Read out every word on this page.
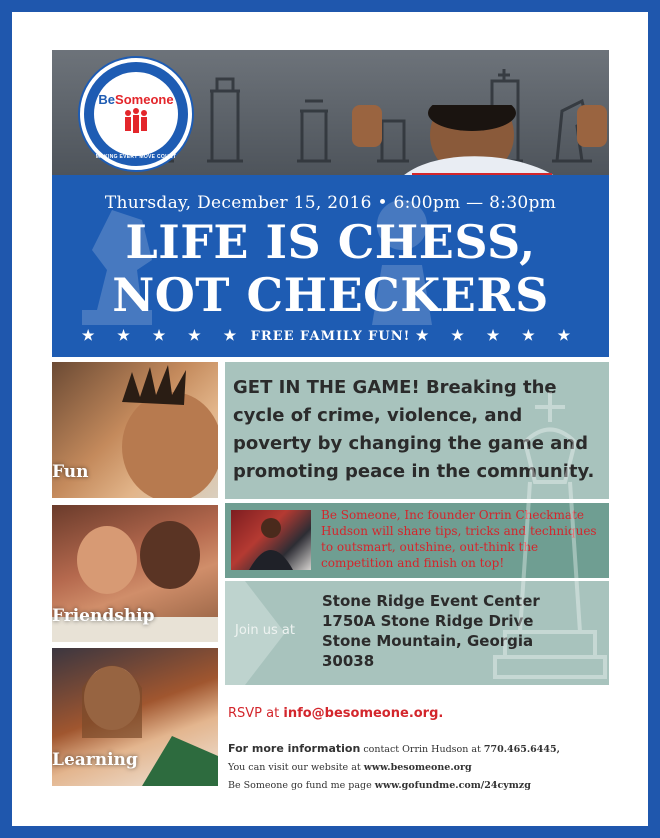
BeSomeone
MAKING EVERY MOVE COUNT
Thursday, December 15, 2016 • 6:00pm — 8:30pm
LIFE IS CHESS,
NOT CHECKERS
★ ★ ★ ★ ★ FREE FAMILY FUN! ★ ★ ★ ★ ★
Fun
Friendship
Learning
GET IN THE GAME! Breaking the cycle of crime, violence, and poverty by changing the game and promoting peace in the community.
Be Someone, Inc founder Orrin Checkmate Hudson will share tips, tricks and techniques to outsmart, outshine, out-think the competition and finish on top!
Join us at
Stone Ridge Event Center
1750A Stone Ridge Drive
Stone Mountain, Georgia
30038
RSVP at info@besomeone.org.
For more information contact Orrin Hudson at 770.465.6445,
You can visit our website at www.besomeone.org
Be Someone go fund me page www.gofundme.com/24cymzg
